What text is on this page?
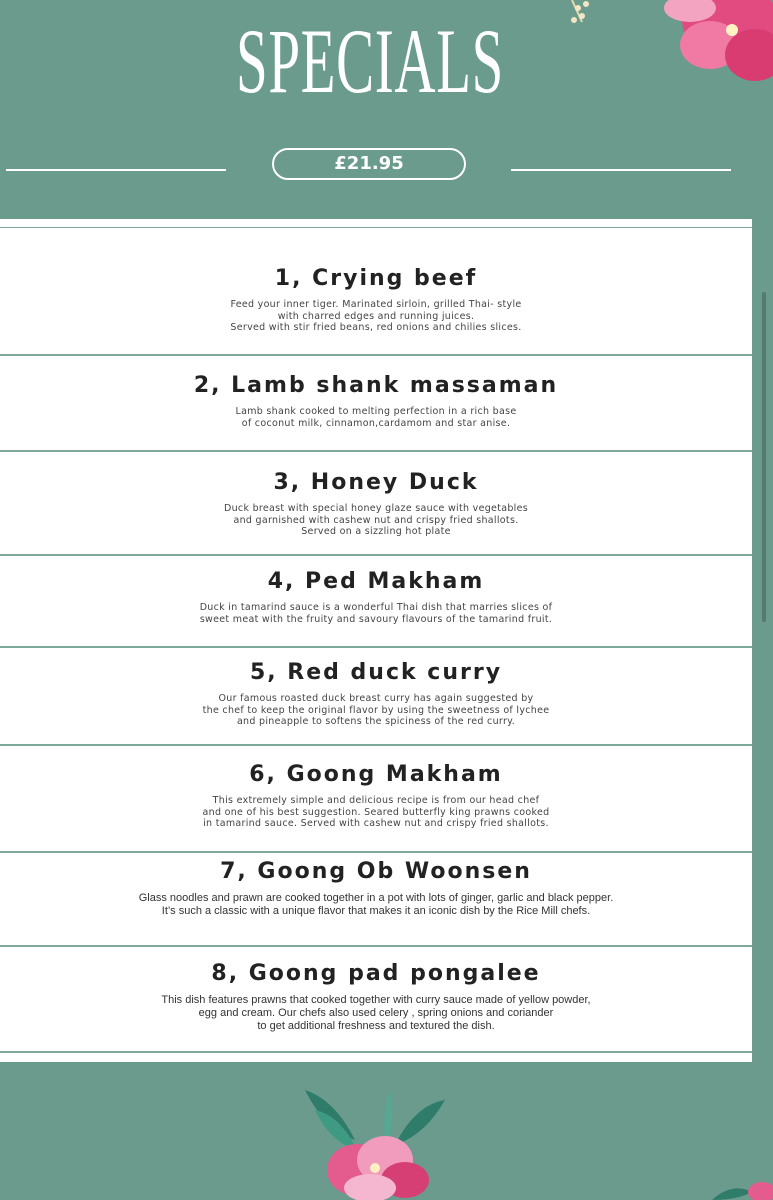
SPECIALS
£21.95

1, Crying beef

Feed your inner tiger. Marinated sirloin, grilled Thai- style
with charred edges and running juices.
Served with stir fried beans, red onions and chilies slices.

2, Lamb shank massaman

Lamb shank cooked to melting perfection in a rich base
of coconut milk, cinnamon,cardamom and star anise.

3, Honey Duck

Duck breast with special honey glaze sauce with vegetables
and garnished with cashew nut and crispy fried shallots.
Served on a sizzling hot plate

4, Ped Makham

Duck in tamarind sauce is a wonderful Thai dish that marries slices of
sweet meat with the fruity and savoury flavours of the tamarind fruit.

5, Red duck curry

Our famous roasted duck breast curry has again suggested by
the chef to keep the original flavor by using the sweetness of lychee
and pineapple to softens the spiciness of the red curry.

6, Goong Makham

This extremely simple and delicious recipe is from our head chef
and one of his best suggestion. Seared butterfly king prawns cooked
in tamarind sauce. Served with cashew nut and crispy fried shallots.

7, Goong Ob Woonsen

Glass noodles and prawn are cooked together in a pot with lots of ginger, garlic and black pepper.
It’s such a classic with a unique flavor that makes it an iconic dish by the Rice Mill chefs.

8, Goong pad pongalee

This dish features prawns that cooked together with curry sauce made of yellow powder,
egg and cream. Our chefs also used celery , spring onions and coriander
to get additional freshness and textured the dish.
